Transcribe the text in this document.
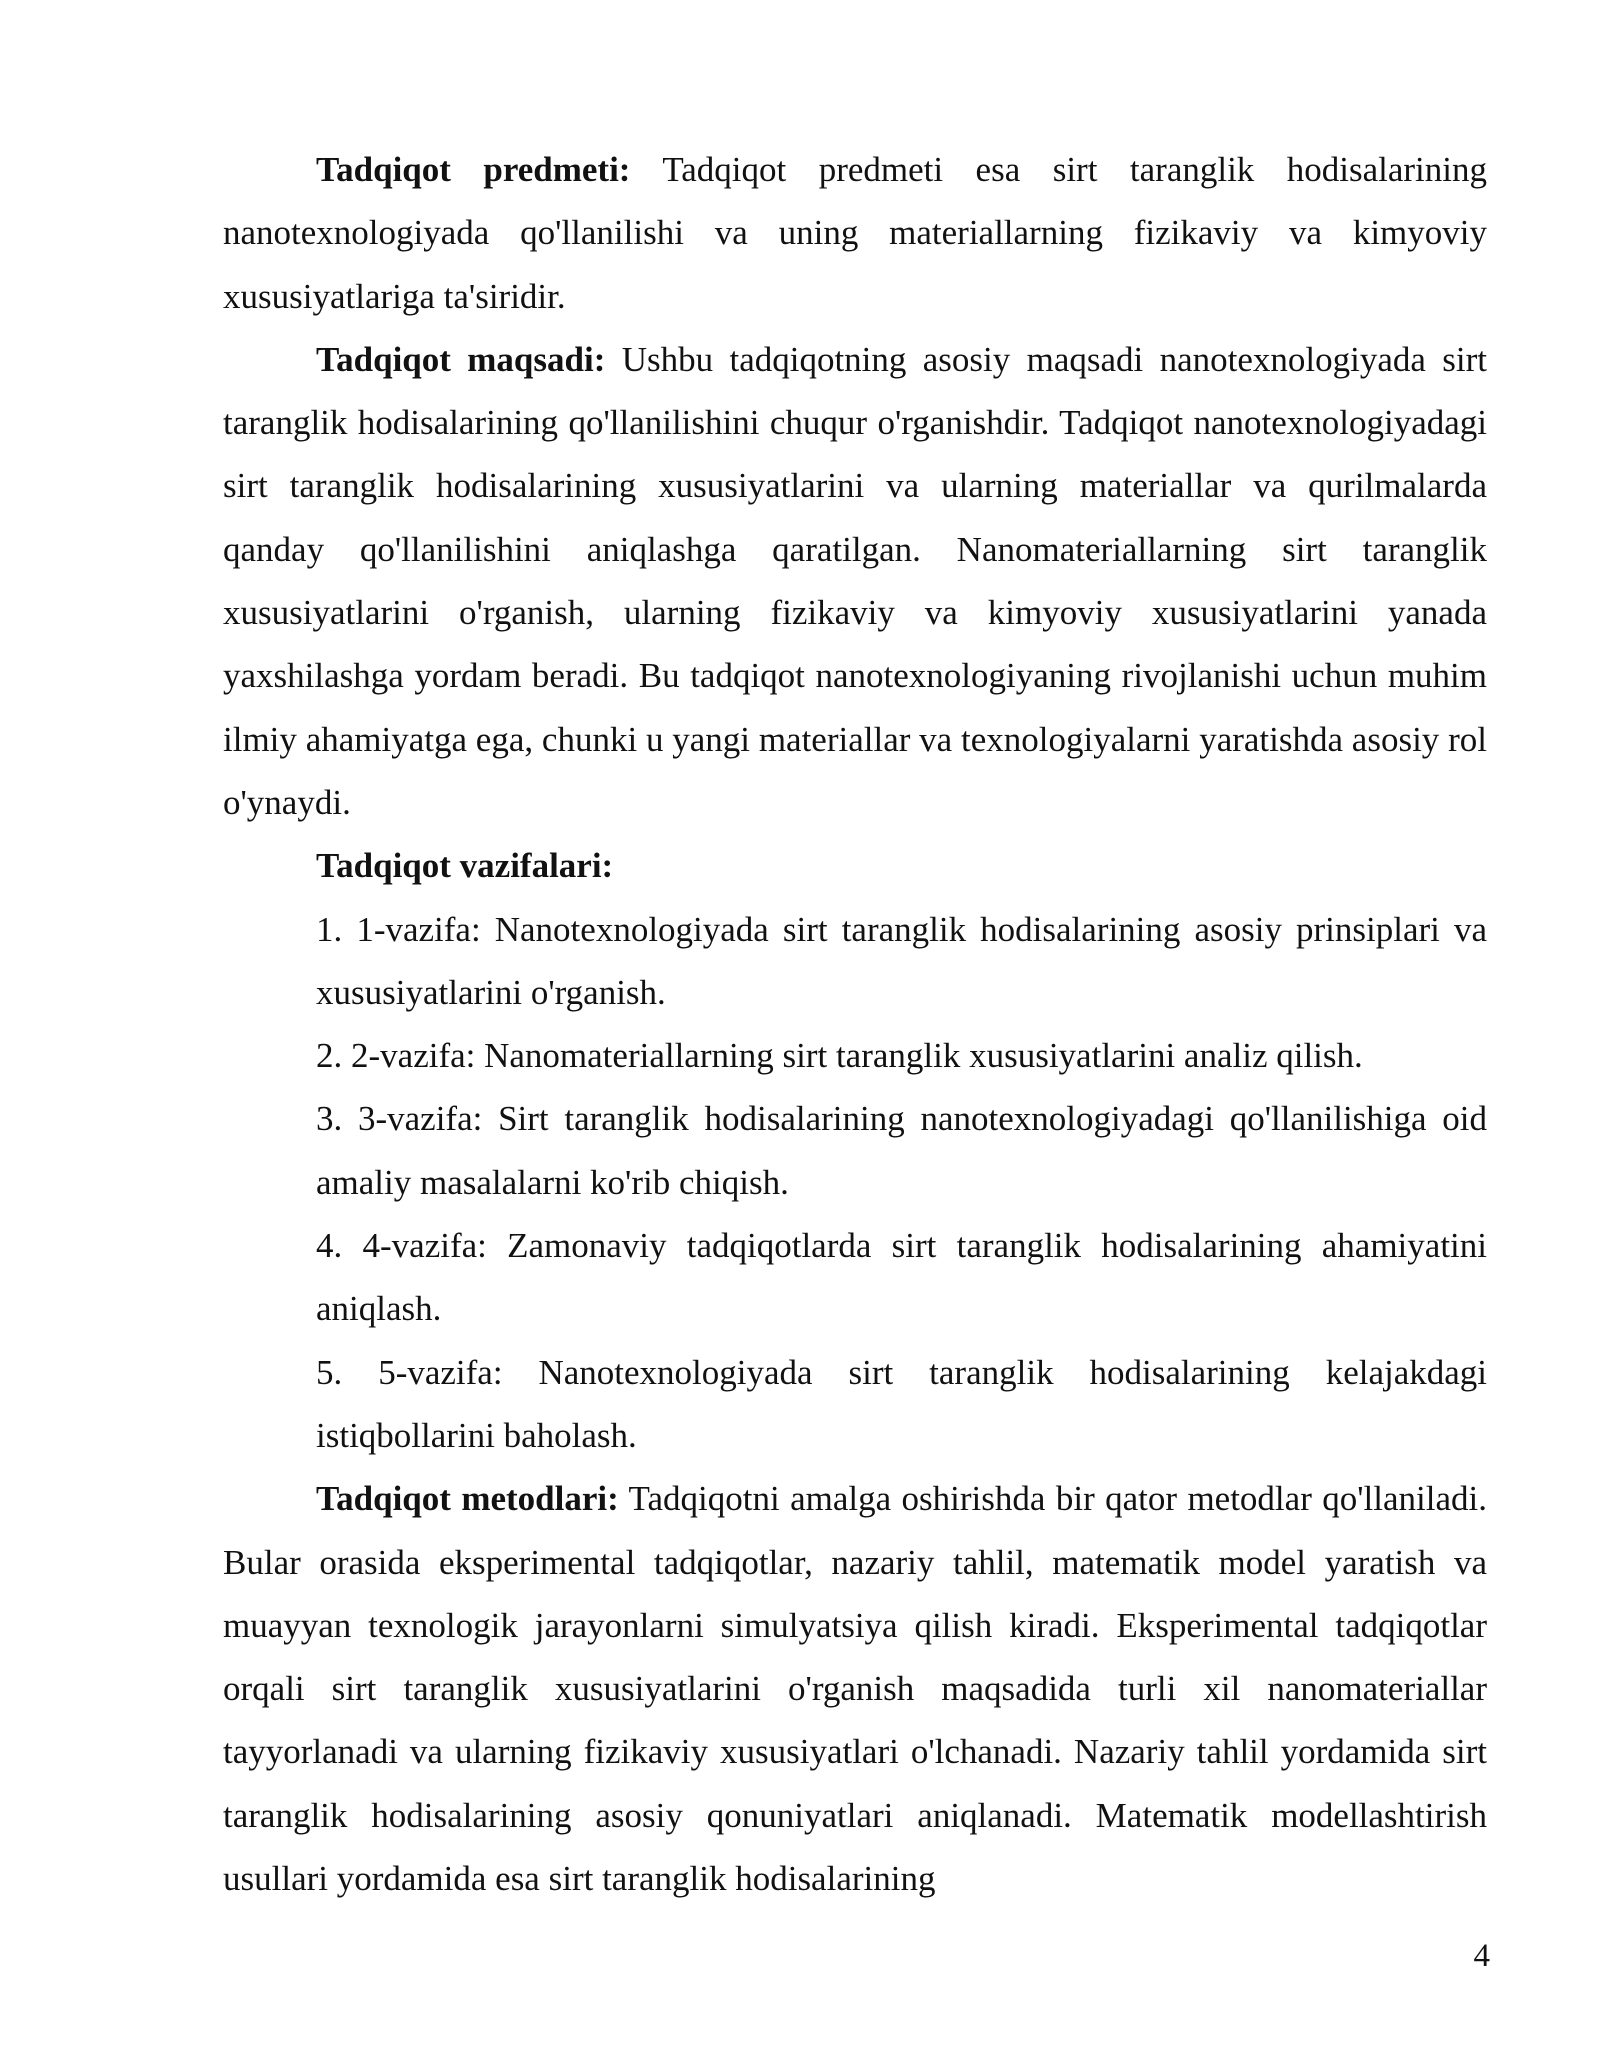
Tadqiqot predmeti: Tadqiqot predmeti esa sirt taranglik hodisalarining nanotexnologiyada qo'llanilishi va uning materiallarning fizikaviy va kimyoviy xususiyatlariga ta'siridir.

Tadqiqot maqsadi: Ushbu tadqiqotning asosiy maqsadi nanotexnologiyada sirt taranglik hodisalarining qo'llanilishini chuqur o'rganishdir. Tadqiqot nanotexnologiyadagi sirt taranglik hodisalarining xususiyatlarini va ularning materiallar va qurilmalarda qanday qo'llanilishini aniqlashga qaratilgan. Nanomateriallarning sirt taranglik xususiyatlarini o'rganish, ularning fizikaviy va kimyoviy xususiyatlarini yanada yaxshilashga yordam beradi. Bu tadqiqot nanotexnologiyaning rivojlanishi uchun muhim ilmiy ahamiyatga ega, chunki u yangi materiallar va texnologiyalarni yaratishda asosiy rol o'ynaydi.

Tadqiqot vazifalari:

1. 1-vazifa: Nanotexnologiyada sirt taranglik hodisalarining asosiy prinsiplari va xususiyatlarini o'rganish.

2. 2-vazifa: Nanomateriallarning sirt taranglik xususiyatlarini analiz qilish.

3. 3-vazifa: Sirt taranglik hodisalarining nanotexnologiyadagi qo'llanilishiga oid amaliy masalalarni ko'rib chiqish.

4. 4-vazifa: Zamonaviy tadqiqotlarda sirt taranglik hodisalarining ahamiyatini aniqlash.

5. 5-vazifa: Nanotexnologiyada sirt taranglik hodisalarining kelajakdagi istiqbollarini baholash.

Tadqiqot metodlari: Tadqiqotni amalga oshirishda bir qator metodlar qo'llaniladi. Bular orasida eksperimental tadqiqotlar, nazariy tahlil, matematik model yaratish va muayyan texnologik jarayonlarni simulyatsiya qilish kiradi. Eksperimental tadqiqotlar orqali sirt taranglik xususiyatlarini o'rganish maqsadida turli xil nanomateriallar tayyorlanadi va ularning fizikaviy xususiyatlari o'lchanadi. Nazariy tahlil yordamida sirt taranglik hodisalarining asosiy qonuniyatlari aniqlanadi. Matematik modellashtirish usullari yordamida esa sirt taranglik hodisalarining

4
